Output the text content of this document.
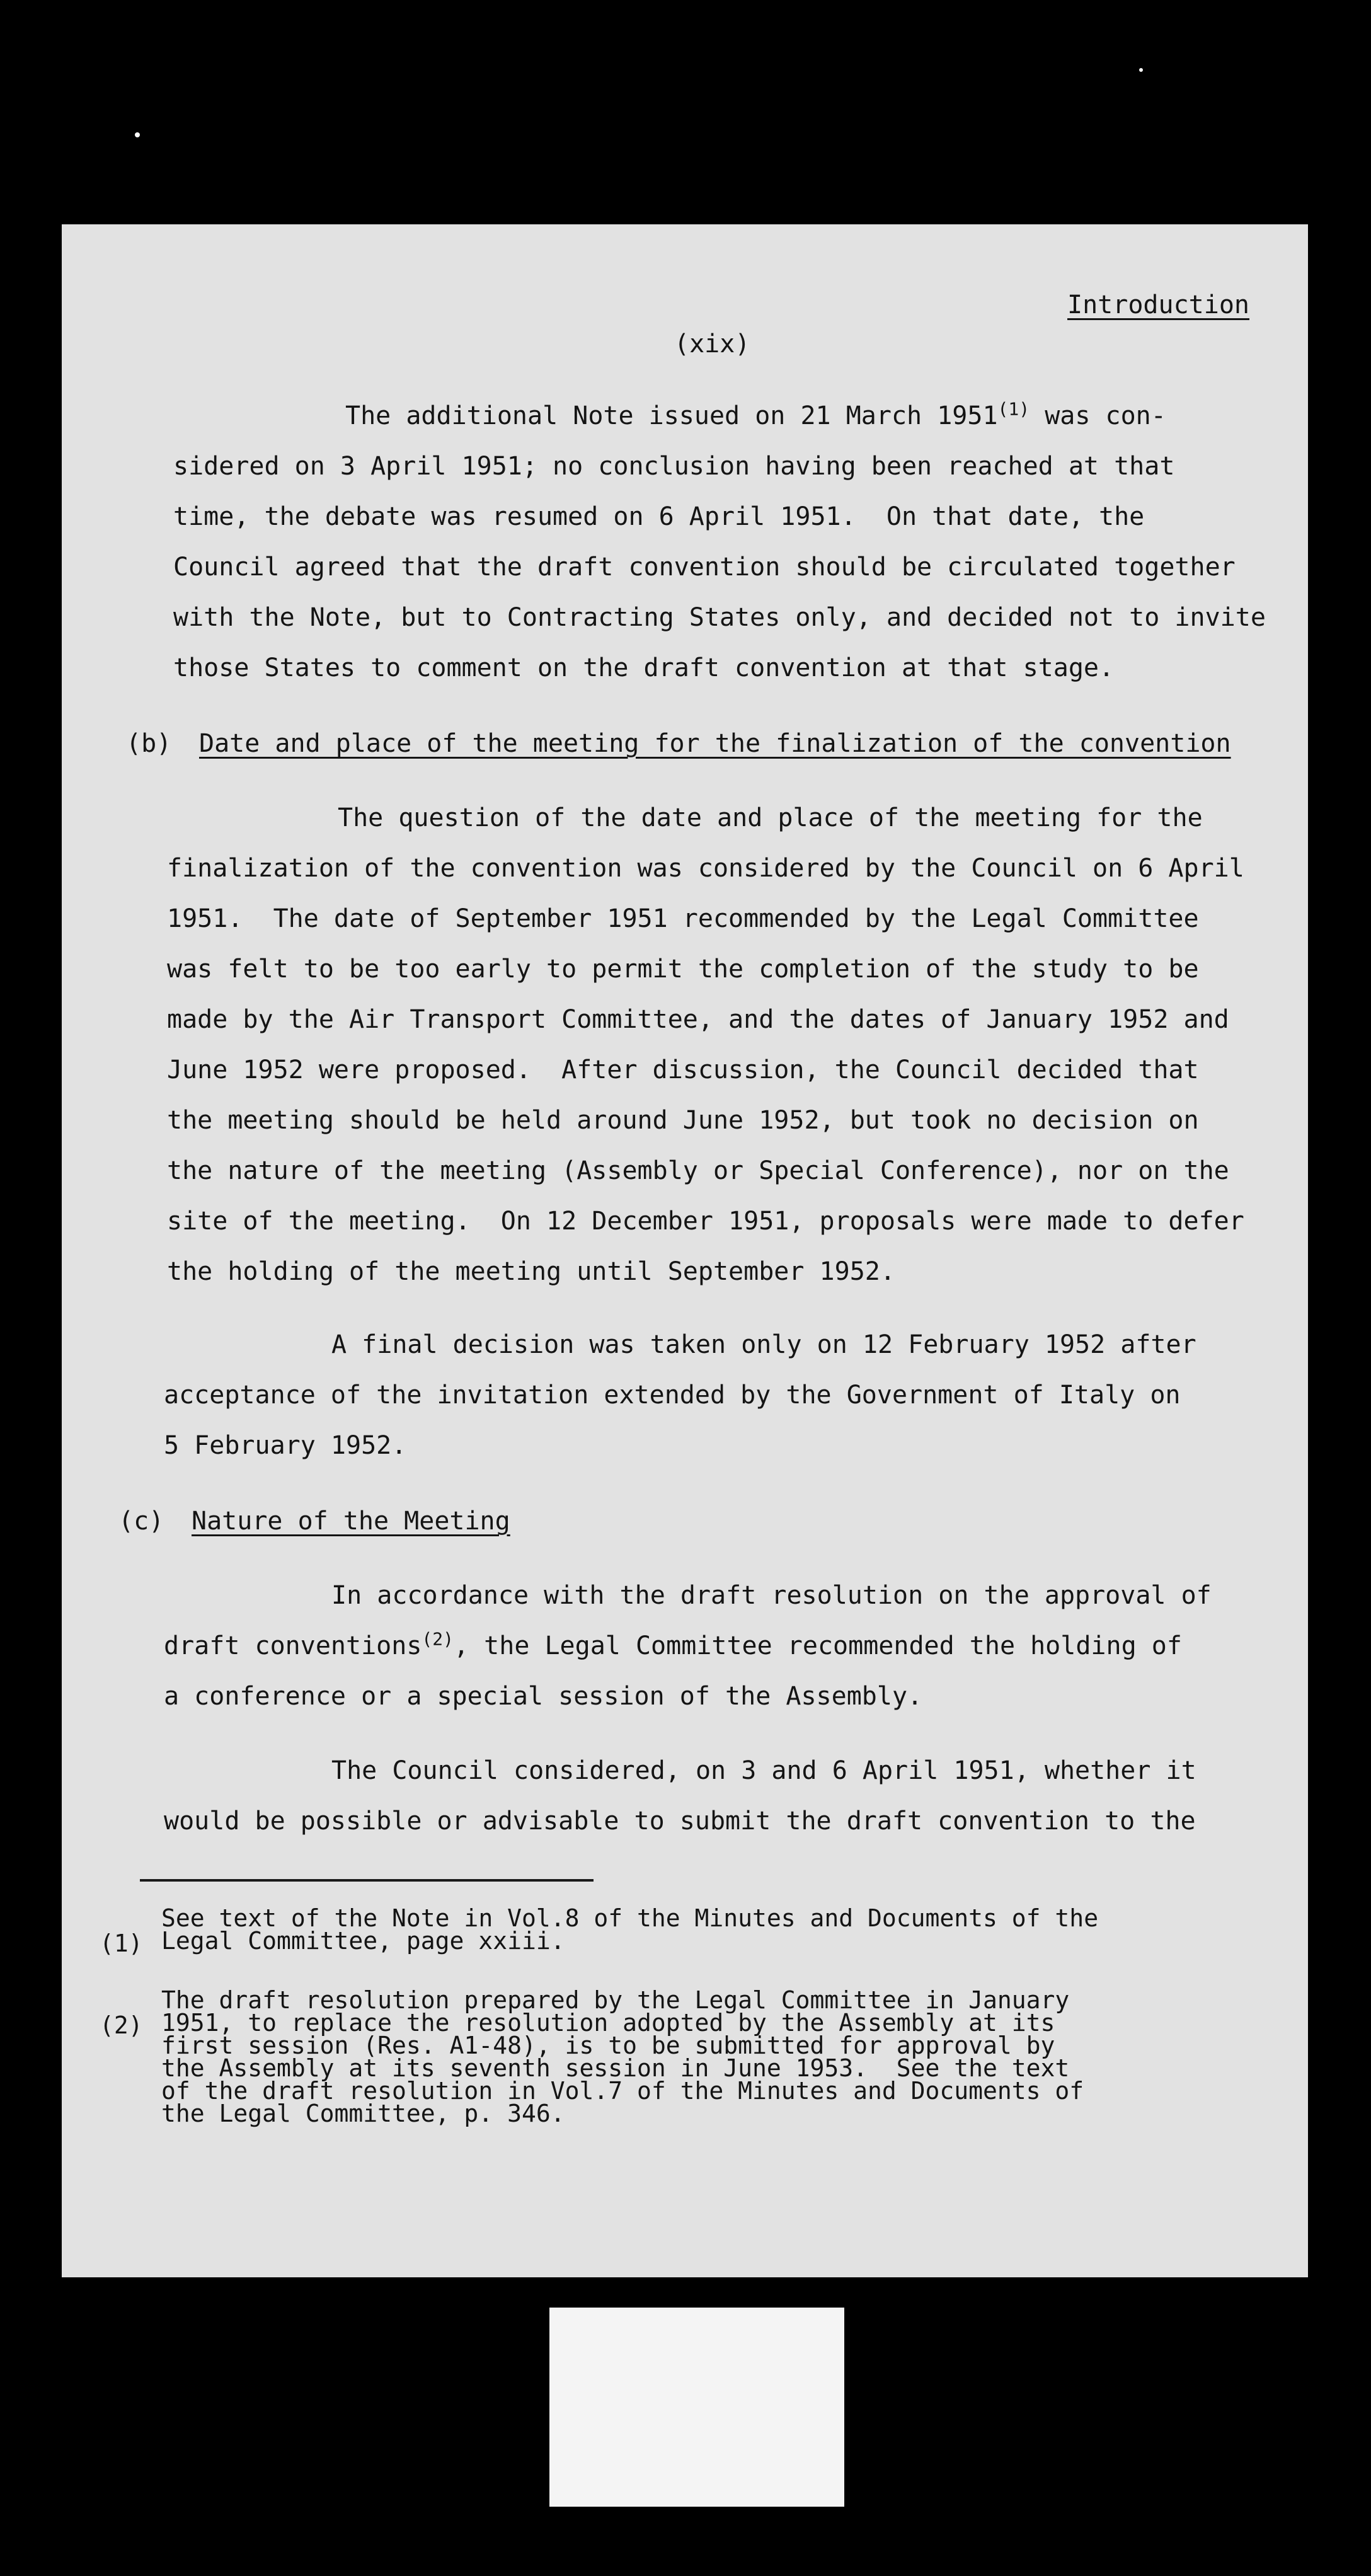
Introduction

(xix)

The additional Note issued on 21 March 1951$^{(1)}$ was con-

sidered on 3 April 1951; no conclusion having been reached at that

time, the debate was resumed on 6 April 1951.  On that date, the

Council agreed that the draft convention should be circulated together

with the Note, but to Contracting States only, and decided not to invite

those States to comment on the draft convention at that stage.

(b) Date and place of the meeting for the finalization of the convention

The question of the date and place of the meeting for the

finalization of the convention was considered by the Council on 6 April

1951.  The date of September 1951 recommended by the Legal Committee

was felt to be too early to permit the completion of the study to be

made by the Air Transport Committee, and the dates of January 1952 and

June 1952 were proposed.  After discussion, the Council decided that

the meeting should be held around June 1952, but took no decision on

the nature of the meeting (Assembly or Special Conference), nor on the

site of the meeting.  On 12 December 1951, proposals were made to defer

the holding of the meeting until September 1952.

A final decision was taken only on 12 February 1952 after

acceptance of the invitation extended by the Government of Italy on

5 February 1952.

(c) Nature of the Meeting

In accordance with the draft resolution on the approval of

draft conventions$^{(2)}$, the Legal Committee recommended the holding of

a conference or a special session of the Assembly.

The Council considered, on 3 and 6 April 1951, whether it

would be possible or advisable to submit the draft convention to the

(1)

See text of the Note in Vol.8 of the Minutes and Documents of the
Legal Committee, page xxiii.

(2)

The draft resolution prepared by the Legal Committee in January
1951, to replace the resolution adopted by the Assembly at its
first session (Res. A1-48), is to be submitted for approval by
the Assembly at its seventh session in June 1953.  See the text
of the draft resolution in Vol.7 of the Minutes and Documents of
the Legal Committee, p. 346.
